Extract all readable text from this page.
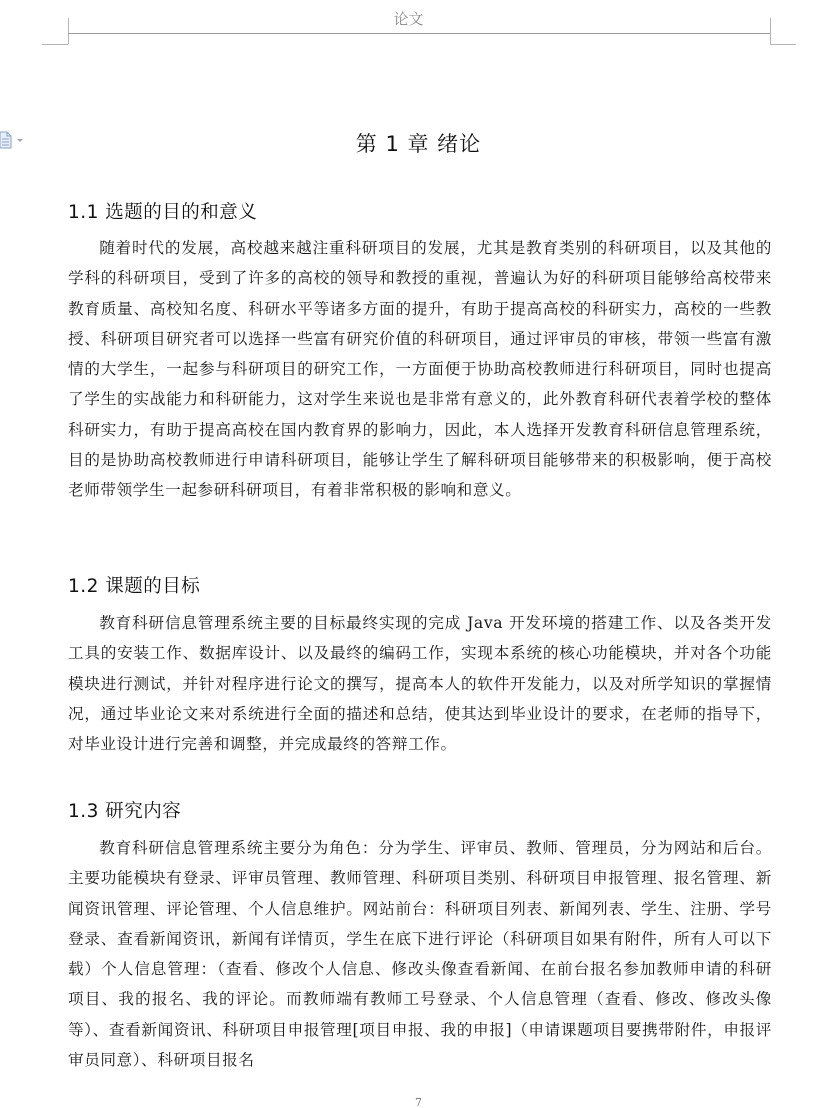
论文
第 1 章 绪论
1.1 选题的目的和意义

随着时代的发展，高校越来越注重科研项目的发展，尤其是教育类别的科研项目，以及其他的学科的科研项目，受到了许多的高校的领导和教授的重视，普遍认为好的科研项目能够给高校带来教育质量、高校知名度、科研水平等诸多方面的提升，有助于提高高校的科研实力，高校的一些教授、科研项目研究者可以选择一些富有研究价值的科研项目，通过评审员的审核，带领一些富有激情的大学生，一起参与科研项目的研究工作，一方面便于协助高校教师进行科研项目，同时也提高了学生的实战能力和科研能力，这对学生来说也是非常有意义的，此外教育科研代表着学校的整体科研实力，有助于提高高校在国内教育界的影响力，因此，本人选择开发教育科研信息管理系统，目的是协助高校教师进行申请科研项目，能够让学生了解科研项目能够带来的积极影响，便于高校老师带领学生一起参研科研项目，有着非常积极的影响和意义。

1.2 课题的目标

教育科研信息管理系统主要的目标最终实现的完成 Java 开发环境的搭建工作、以及各类开发工具的安装工作、数据库设计、以及最终的编码工作，实现本系统的核心功能模块，并对各个功能模块进行测试，并针对程序进行论文的撰写，提高本人的软件开发能力，以及对所学知识的掌握情况，通过毕业论文来对系统进行全面的描述和总结，使其达到毕业设计的要求，在老师的指导下，对毕业设计进行完善和调整，并完成最终的答辩工作。

1.3 研究内容

教育科研信息管理系统主要分为角色：分为学生、评审员、教师、管理员，分为网站和后台。主要功能模块有登录、评审员管理、教师管理、科研项目类别、科研项目申报管理、报名管理、新闻资讯管理、评论管理、个人信息维护。网站前台：科研项目列表、新闻列表、学生、注册、学号登录、查看新闻资讯，新闻有详情页，学生在底下进行评论（科研项目如果有附件，所有人可以下载）个人信息管理：（查看、修改个人信息、修改头像查看新闻、在前台报名参加教师申请的科研项目、我的报名、我的评论。而教师端有教师工号登录、个人信息管理（查看、修改、修改头像等）、查看新闻资讯、科研项目申报管理[项目申报、我的申报]（申请课题项目要携带附件，申报评审员同意）、科研项目报名

7
